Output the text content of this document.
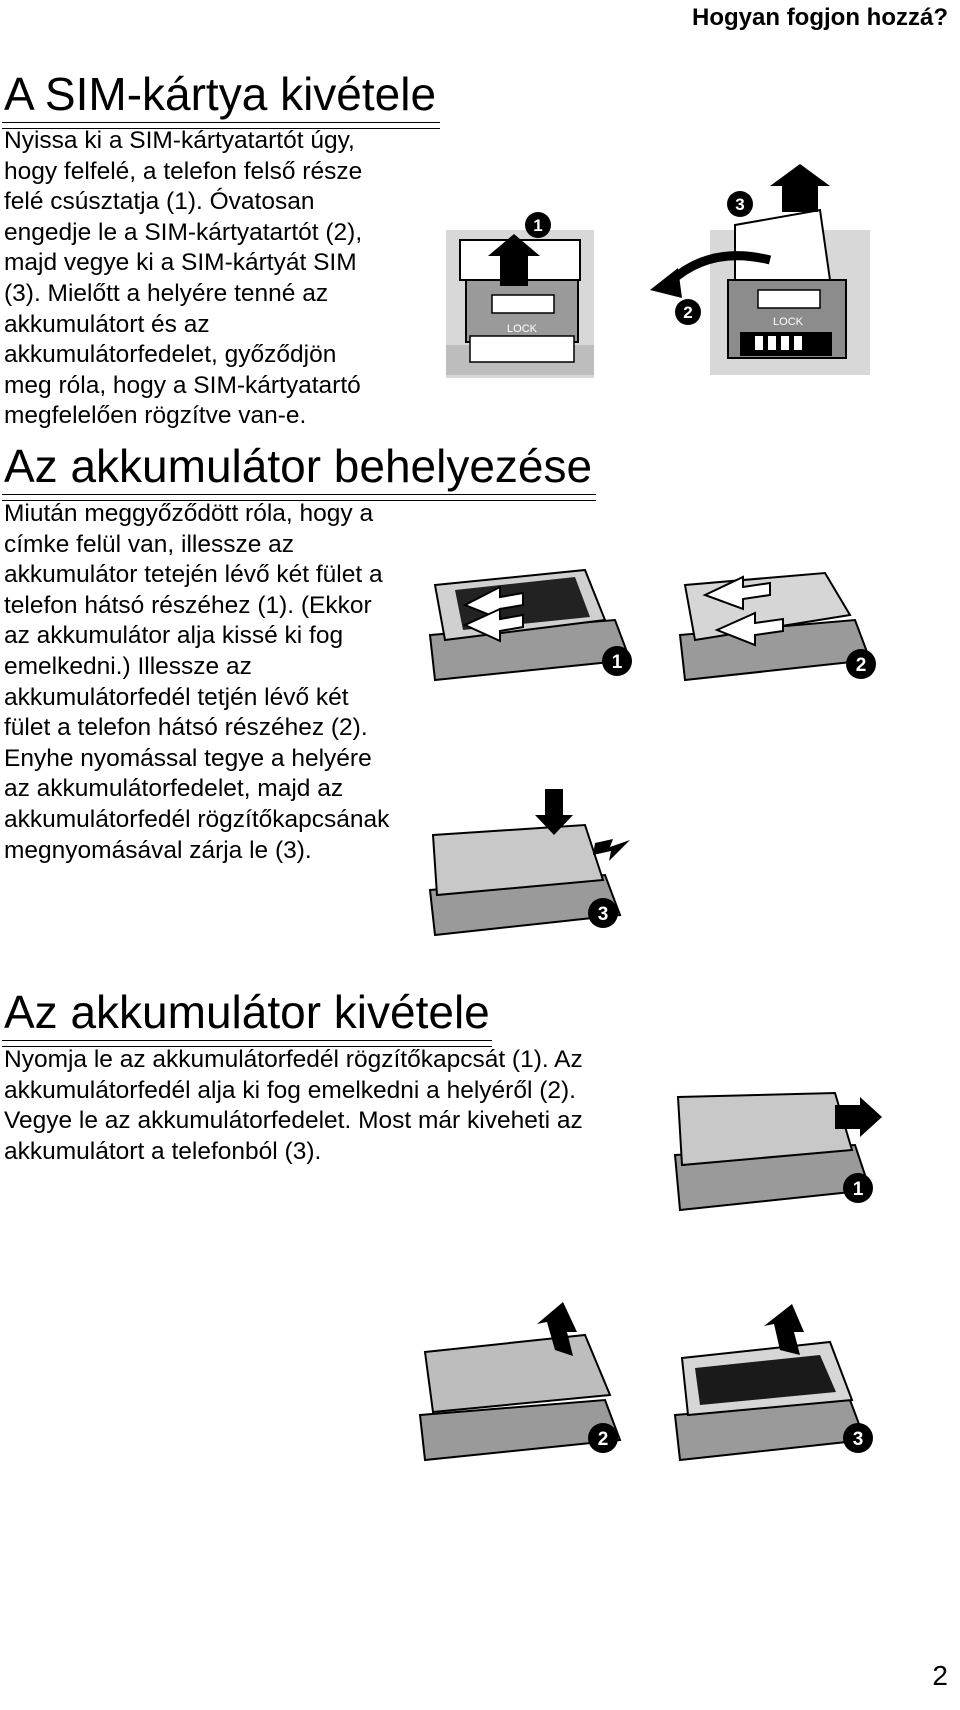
Hogyan fogjon hozzá?
A SIM-kártya kivétele
Nyissa ki a SIM-kártyatartót úgy,
hogy felfelé, a telefon felső része
felé csúsztatja (1). Óvatosan
engedje le a SIM-kártyatartót (2),
majd vegye ki a SIM-kártyát SIM
(3). Mielőtt a helyére tenné az
akkumulátort és az
akkumulátorfedelet, győződjön
meg róla, hogy a SIM-kártyatartó
megfelelően rögzítve van-e.
LOCK
1
LOCK
3
2
Az akkumulátor behelyezése
Miután meggyőződött róla, hogy a
címke felül van, illessze az
akkumulátor tetején lévő két fület a
telefon hátsó részéhez (1). (Ekkor
az akkumulátor alja kissé ki fog
emelkedni.) Illessze az
akkumulátorfedél tetjén lévő két
fület a telefon hátsó részéhez (2).
Enyhe nyomással tegye a helyére
az akkumulátorfedelet, majd az
akkumulátorfedél rögzítőkapcsának
megnyomásával zárja le (3).
1	2
3
Az akkumulátor kivétele
Nyomja le az akkumulátorfedél rögzítőkapcsát (1). Az
akkumulátorfedél alja ki fog emelkedni a helyéről (2).
Vegye le az akkumulátorfedelet. Most már kiveheti az
akkumulátort a telefonból (3).
1
2	3
2
